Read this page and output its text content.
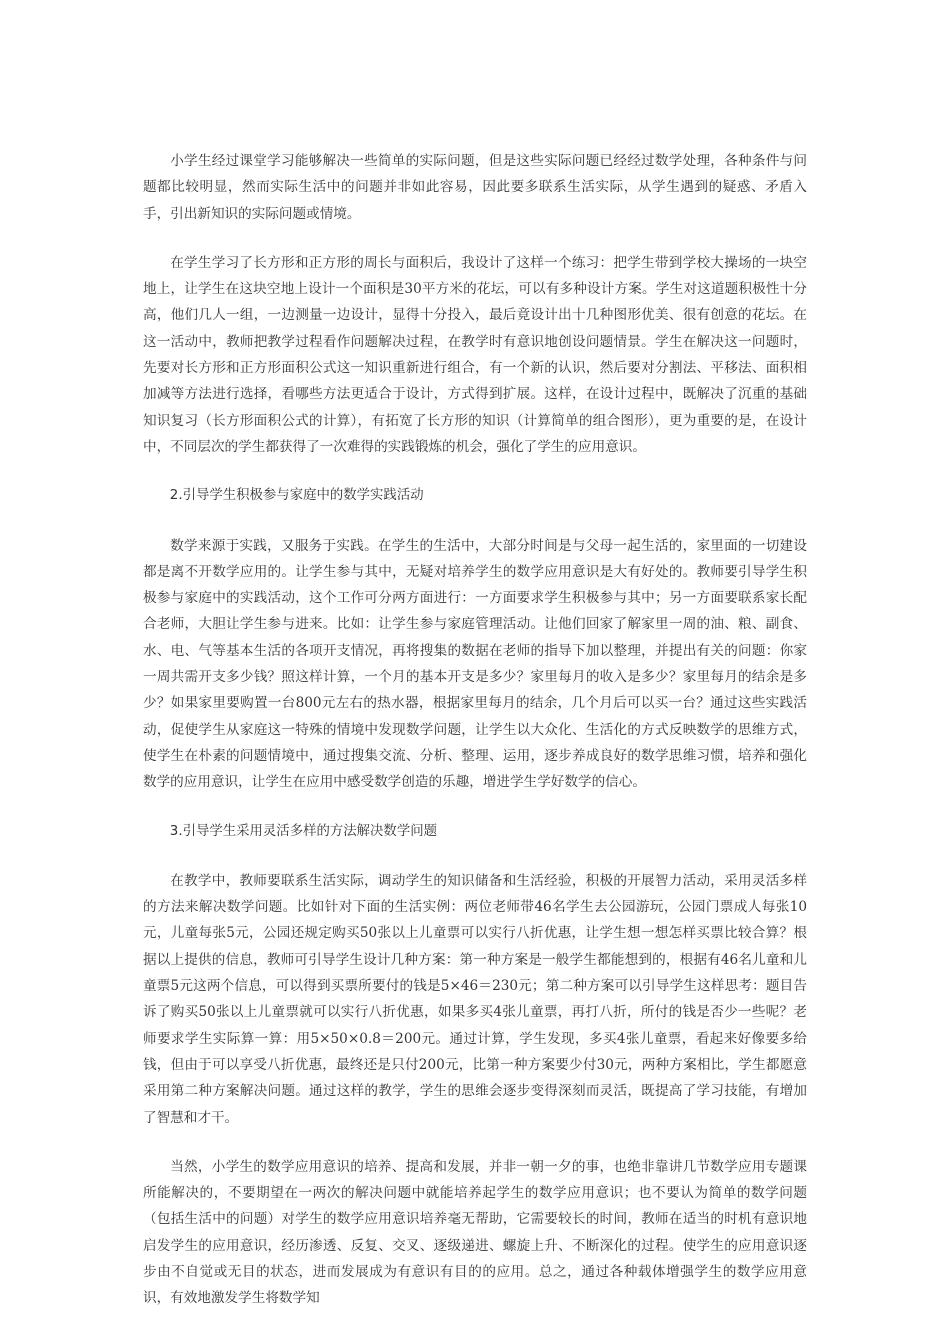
小学生经过课堂学习能够解决一些简单的实际问题，但是这些实际问题已经经过数学处理，各种条件与问题都比较明显，然而实际生活中的问题并非如此容易，因此要多联系生活实际，从学生遇到的疑惑、矛盾入手，引出新知识的实际问题或情境。

在学生学习了长方形和正方形的周长与面积后，我设计了这样一个练习：把学生带到学校大操场的一块空地上，让学生在这块空地上设计一个面积是30平方米的花坛，可以有多种设计方案。学生对这道题积极性十分高，他们几人一组，一边测量一边设计，显得十分投入，最后竟设计出十几种图形优美、很有创意的花坛。在这一活动中，教师把教学过程看作问题解决过程，在教学时有意识地创设问题情景。学生在解决这一问题时，先要对长方形和正方形面积公式这一知识重新进行组合，有一个新的认识，然后要对分割法、平移法、面积相加减等方法进行选择，看哪些方法更适合于设计，方式得到扩展。这样，在设计过程中，既解决了沉重的基础知识复习（长方形面积公式的计算），有拓宽了长方形的知识（计算简单的组合图形），更为重要的是，在设计中，不同层次的学生都获得了一次难得的实践锻炼的机会，强化了学生的应用意识。

2.引导学生积极参与家庭中的数学实践活动

数学来源于实践，又服务于实践。在学生的生活中，大部分时间是与父母一起生活的，家里面的一切建设都是离不开数学应用的。让学生参与其中，无疑对培养学生的数学应用意识是大有好处的。教师要引导学生积极参与家庭中的实践活动，这个工作可分两方面进行：一方面要求学生积极参与其中；另一方面要联系家长配合老师，大胆让学生参与进来。比如：让学生参与家庭管理活动。让他们回家了解家里一周的油、粮、副食、水、电、气等基本生活的各项开支情况，再将搜集的数据在老师的指导下加以整理，并提出有关的问题：你家一周共需开支多少钱？照这样计算，一个月的基本开支是多少？家里每月的收入是多少？家里每月的结余是多少？如果家里要购置一台800元左右的热水器，根据家里每月的结余，几个月后可以买一台？通过这些实践活动，促使学生从家庭这一特殊的情境中发现数学问题，让学生以大众化、生活化的方式反映数学的思维方式，使学生在朴素的问题情境中，通过搜集交流、分析、整理、运用，逐步养成良好的数学思维习惯，培养和强化数学的应用意识，让学生在应用中感受数学创造的乐趣，增进学生学好数学的信心。

3.引导学生采用灵活多样的方法解决数学问题

在教学中，教师要联系生活实际，调动学生的知识储备和生活经验，积极的开展智力活动，采用灵活多样的方法来解决数学问题。比如针对下面的生活实例：两位老师带46名学生去公园游玩，公园门票成人每张10元，儿童每张5元，公园还规定购买50张以上儿童票可以实行八折优惠，让学生想一想怎样买票比较合算？根据以上提供的信息，教师可引导学生设计几种方案：第一种方案是一般学生都能想到的，根据有46名儿童和儿童票5元这两个信息，可以得到买票所要付的钱是5×46＝230元；第二种方案可以引导学生这样思考：题目告诉了购买50张以上儿童票就可以实行八折优惠，如果多买4张儿童票，再打八折，所付的钱是否少一些呢？老师要求学生实际算一算：用5×50×0.8＝200元。通过计算，学生发现，多买4张儿童票，看起来好像要多给钱，但由于可以享受八折优惠，最终还是只付200元，比第一种方案要少付30元，两种方案相比，学生都愿意采用第二种方案解决问题。通过这样的教学，学生的思维会逐步变得深刻而灵活，既提高了学习技能，有增加了智慧和才干。

当然，小学生的数学应用意识的培养、提高和发展，并非一朝一夕的事，也绝非靠讲几节数学应用专题课所能解决的，不要期望在一两次的解决问题中就能培养起学生的数学应用意识；也不要认为简单的数学问题（包括生活中的问题）对学生的数学应用意识培养毫无帮助，它需要较长的时间，教师在适当的时机有意识地启发学生的应用意识，经历渗透、反复、交叉、逐级递进、螺旋上升、不断深化的过程。使学生的应用意识逐步由不自觉或无目的状态，进而发展成为有意识有目的的应用。总之，通过各种载体增强学生的数学应用意识，有效地激发学生将数学知
